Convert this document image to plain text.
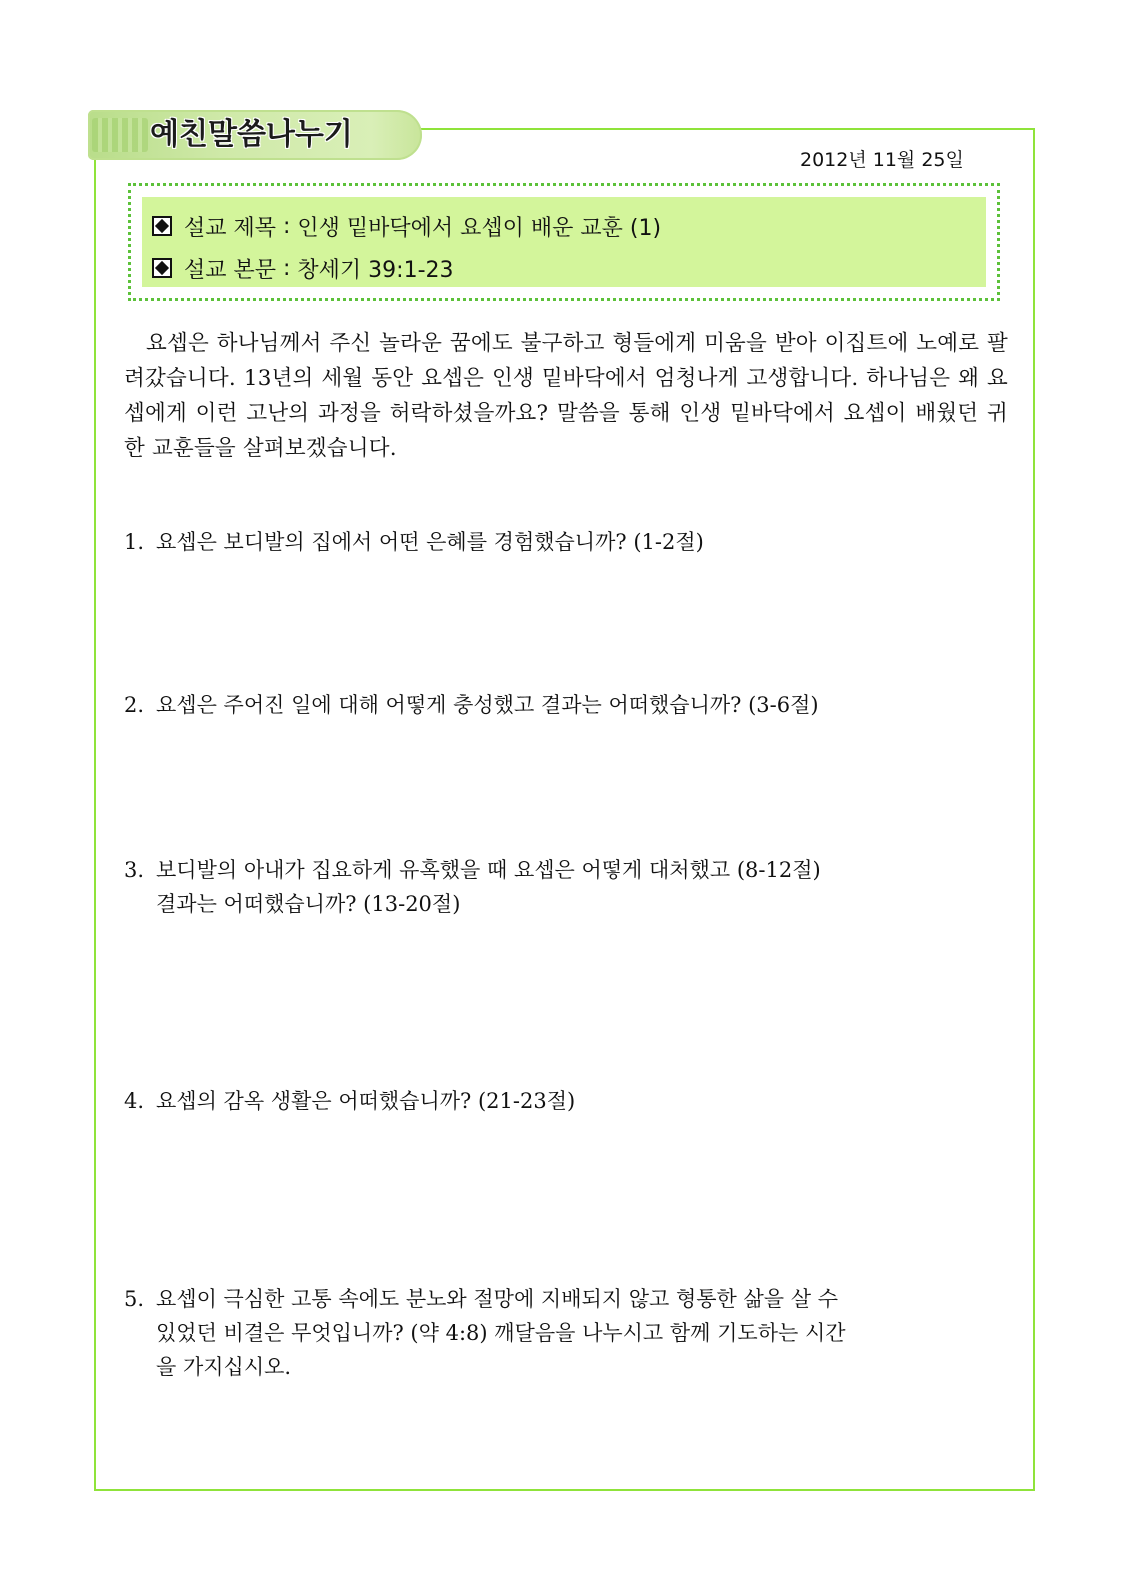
예친말씀나누기
2012년 11월 25일
설교 제목 : 인생 밑바닥에서 요셉이 배운 교훈 (1)
설교 본문 : 창세기 39:1-23
요셉은 하나님께서 주신 놀라운 꿈에도 불구하고 형들에게 미움을 받아 이집트에 노예로 팔려갔습니다. 13년의 세월 동안 요셉은 인생 밑바닥에서 엄청나게 고생합니다. 하나님은 왜 요셉에게 이런 고난의 과정을 허락하셨을까요? 말씀을 통해 인생 밑바닥에서 요셉이 배웠던 귀한 교훈들을 살펴보겠습니다.
1. 요셉은 보디발의 집에서 어떤 은혜를 경험했습니까? (1-2절)
2. 요셉은 주어진 일에 대해 어떻게 충성했고 결과는 어떠했습니까? (3-6절)
3. 보디발의 아내가 집요하게 유혹했을 때 요셉은 어떻게 대처했고 (8-12절)
결과는 어떠했습니까? (13-20절)
4. 요셉의 감옥 생활은 어떠했습니까? (21-23절)
5. 요셉이 극심한 고통 속에도 분노와 절망에 지배되지 않고 형통한 삶을 살 수
있었던 비결은 무엇입니까? (약 4:8) 깨달음을 나누시고 함께 기도하는 시간
을 가지십시오.
